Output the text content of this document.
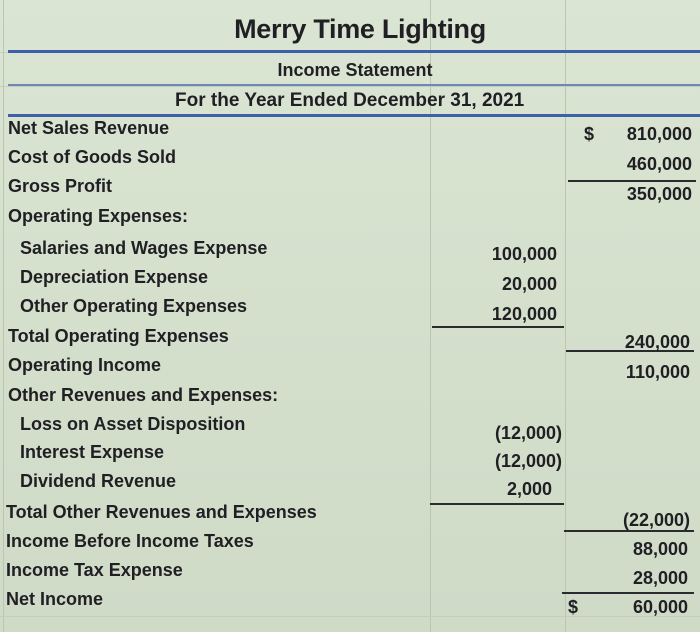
Merry Time Lighting
Income Statement
For the Year Ended December 31, 2021
Net Sales Revenue
Cost of Goods Sold
Gross Profit
Operating Expenses:
Salaries and Wages Expense
Depreciation Expense
Other Operating Expenses
Total Operating Expenses
Operating Income
Other Revenues and Expenses:
Loss on Asset Disposition
Interest Expense
Dividend Revenue
Total Other Revenues and Expenses
Income Before Income Taxes
Income Tax Expense
Net Income
$ 810,000
460,000
350,000
240,000
110,000
(22,000)
88,000
28,000
$	60,000
100,000
20,000
120,000
(12,000)
(12,000)
2,000
